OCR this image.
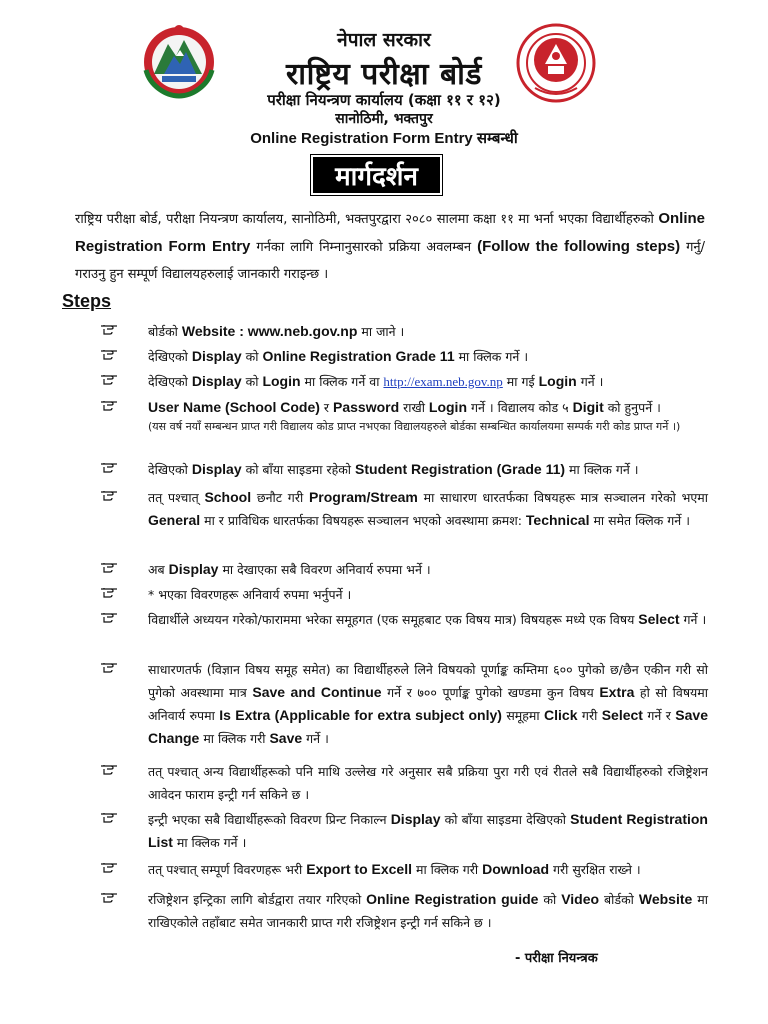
नेपाल सरकार
राष्ट्रिय परीक्षा बोर्ड
परीक्षा नियन्त्रण कार्यालय (कक्षा ११ र १२)
सानोठिमी, भक्तपुर
Online Registration Form Entry सम्बन्धी
मार्गदर्शन
राष्ट्रिय परीक्षा बोर्ड, परीक्षा नियन्त्रण कार्यालय, सानोठिमी, भक्तपुरद्वारा २०८० सालमा कक्षा ११ मा भर्ना भएका विद्यार्थीहरुको Online Registration Form Entry गर्नका लागि निम्नानुसारको प्रक्रिया अवलम्बन (Follow the following steps) गर्नु/गराउनु हुन सम्पूर्ण विद्यालयहरुलाई जानकारी गराइन्छ ।
Steps
बोर्डको Website : www.neb.gov.np मा जाने ।
देखिएको Display को Online Registration Grade 11 मा क्लिक गर्ने ।
देखिएको Display को Login मा क्लिक गर्ने वा http://exam.neb.gov.np मा गई Login गर्ने ।
User Name (School Code) र Password राखी Login गर्ने । विद्यालय कोड ५ Digit को हुनुपर्ने ।
(यस वर्ष नयाँ सम्बन्धन प्राप्त गरी विद्यालय कोड प्राप्त नभएका विद्यालयहरुले बोर्डका सम्बन्धित कार्यालयमा सम्पर्क गरी कोड प्राप्त गर्ने ।)
देखिएको Display को बाँया साइडमा रहेको Student Registration (Grade 11) मा क्लिक गर्ने ।
तत् पश्चात् School छनौट गरी Program/Stream मा साधारण धारतर्फका विषयहरू मात्र सञ्चालन गरेको भएमा General मा र प्राविधिक धारतर्फका विषयहरू सञ्चालन भएको अवस्थामा क्रमश: Technical मा समेत क्लिक गर्ने ।
अब Display मा देखाएका सबै विवरण अनिवार्य रुपमा भर्ने ।
* भएका विवरणहरू अनिवार्य रुपमा भर्नुपर्ने ।
विद्यार्थीले अध्ययन गरेको/फाराममा भरेका समूहगत (एक समूहबाट एक विषय मात्र) विषयहरू मध्ये एक विषय Select गर्ने ।
साधारणतर्फ (विज्ञान विषय समूह समेत) का विद्यार्थीहरुले लिने विषयको पूर्णाङ्क कम्तिमा ६०० पुगेको छ/छैन एकीन गरी सो पुगेको अवस्थामा मात्र Save and Continue गर्ने र ७०० पूर्णाङ्क पुगेको खण्डमा कुन विषय Extra हो सो विषयमा अनिवार्य रुपमा Is Extra (Applicable for extra subject only) समूहमा Click गरी Select गर्ने र Save Change मा क्लिक गरी Save गर्ने ।
तत् पश्चात् अन्य विद्यार्थीहरूको पनि माथि उल्लेख गरे अनुसार सबै प्रक्रिया पुरा गरी एवं रीतले सबै विद्यार्थीहरुको रजिष्ट्रेशन आवेदन फाराम इन्ट्री गर्न सकिने छ ।
इन्ट्री भएका सबै विद्यार्थीहरूको विवरण प्रिन्ट निकाल्न Display को बाँया साइडमा देखिएको Student Registration List मा क्लिक गर्ने ।
तत् पश्चात् सम्पूर्ण विवरणहरू भरी Export to Excell मा क्लिक गरी Download गरी सुरक्षित राख्ने ।
रजिष्ट्रेशन इन्ट्रिका लागि बोर्डद्वारा तयार गरिएको Online Registration guide को Video बोर्डको Website मा राखिएकोले तहाँबाट समेत जानकारी प्राप्त गरी रजिष्ट्रेशन इन्ट्री गर्न सकिने छ ।
- परीक्षा नियन्त्रक
